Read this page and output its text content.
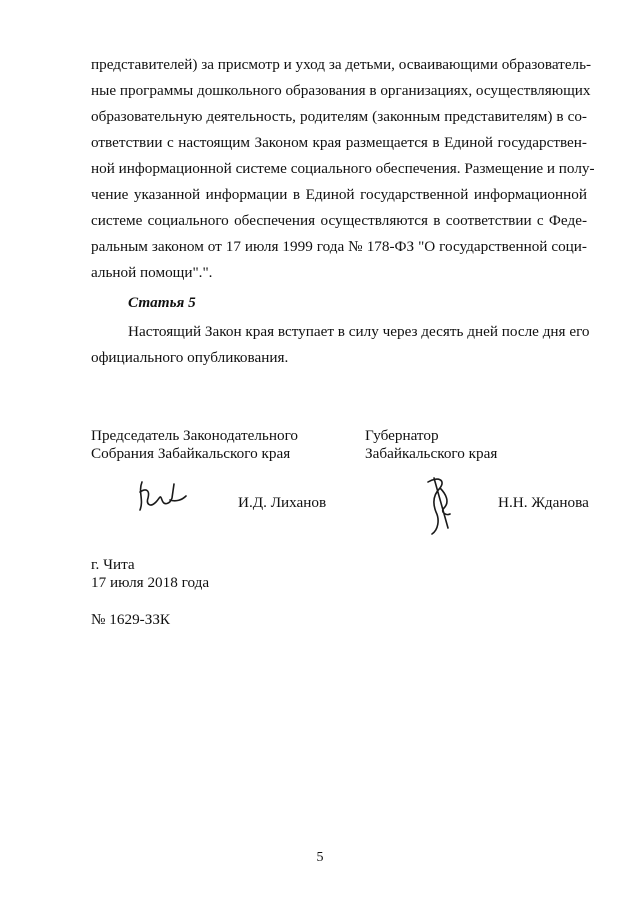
представителей) за присмотр и уход за детьми, осваивающими образователь-
ные программы дошкольного образования в организациях, осуществляющих
образовательную деятельность, родителям (законным представителям) в со-
ответствии с настоящим Законом края размещается в Единой государствен-
ной информационной системе социального обеспечения. Размещение и полу-
чение указанной информации в Единой государственной информационной
системе социального обеспечения осуществляются в соответствии с Феде-
ральным законом от 17 июля 1999 года № 178-ФЗ "О государственной соци-
альной помощи".".
Статья 5
Настоящий Закон края вступает в силу через десять дней после дня его
официального опубликования.
Председатель Законодательного
Собрания Забайкальского края
И.Д. Лиханов
Губернатор
Забайкальского края
Н.Н. Жданова
г. Чита
17 июля 2018 года
№ 1629-ЗЗК
5
